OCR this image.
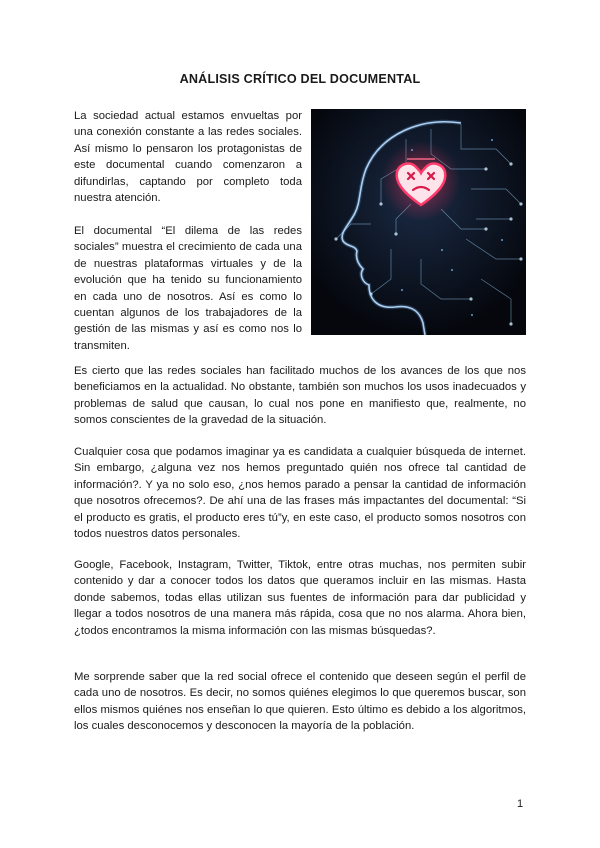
ANÁLISIS CRÍTICO DEL DOCUMENTAL

La sociedad actual estamos envueltas por una conexión constante a las redes sociales. Así mismo lo pensaron los protagonistas de este documental cuando comenzaron a difundirlas, captando por completo toda nuestra atención.

El documental “El dilema de las redes sociales” muestra el crecimiento de cada una de nuestras plataformas virtuales y de la evolución que ha tenido su funcionamiento en cada uno de nosotros. Así es como lo cuentan algunos de los trabajadores de la gestión de las mismas y así es como nos lo transmiten.

Es cierto que las redes sociales han facilitado muchos de los avances de los que nos beneficiamos en la actualidad. No obstante, también son muchos los usos inadecuados y problemas de salud que causan, lo cual nos pone en manifiesto que, realmente, no somos conscientes de la gravedad de la situación.

Cualquier cosa que podamos imaginar ya es candidata a cualquier búsqueda de internet. Sin embargo, ¿alguna vez nos hemos preguntado quién nos ofrece tal cantidad de información?. Y ya no solo eso, ¿nos hemos parado a pensar la cantidad de información que nosotros ofrecemos?. De ahí una de las frases más impactantes del documental: “Si el producto es gratis, el producto eres tú”y, en este caso, el producto somos nosotros con todos nuestros datos personales.

Google, Facebook, Instagram, Twitter, Tiktok, entre otras muchas, nos permiten subir contenido y dar a conocer todos los datos que queramos incluir en las mismas. Hasta donde sabemos, todas ellas utilizan sus fuentes de información para dar publicidad y llegar a todos nosotros de una manera más rápida, cosa que no nos alarma. Ahora bien, ¿todos encontramos la misma información con las mismas búsquedas?.

Me sorprende saber que la red social ofrece el contenido que deseen según el perfil de cada uno de nosotros. Es decir, no somos quiénes elegimos lo que queremos buscar, son ellos mismos quiénes nos enseñan lo que quieren. Esto último es debido a los algoritmos, los cuales desconocemos y desconocen la mayoría de la población.

1
